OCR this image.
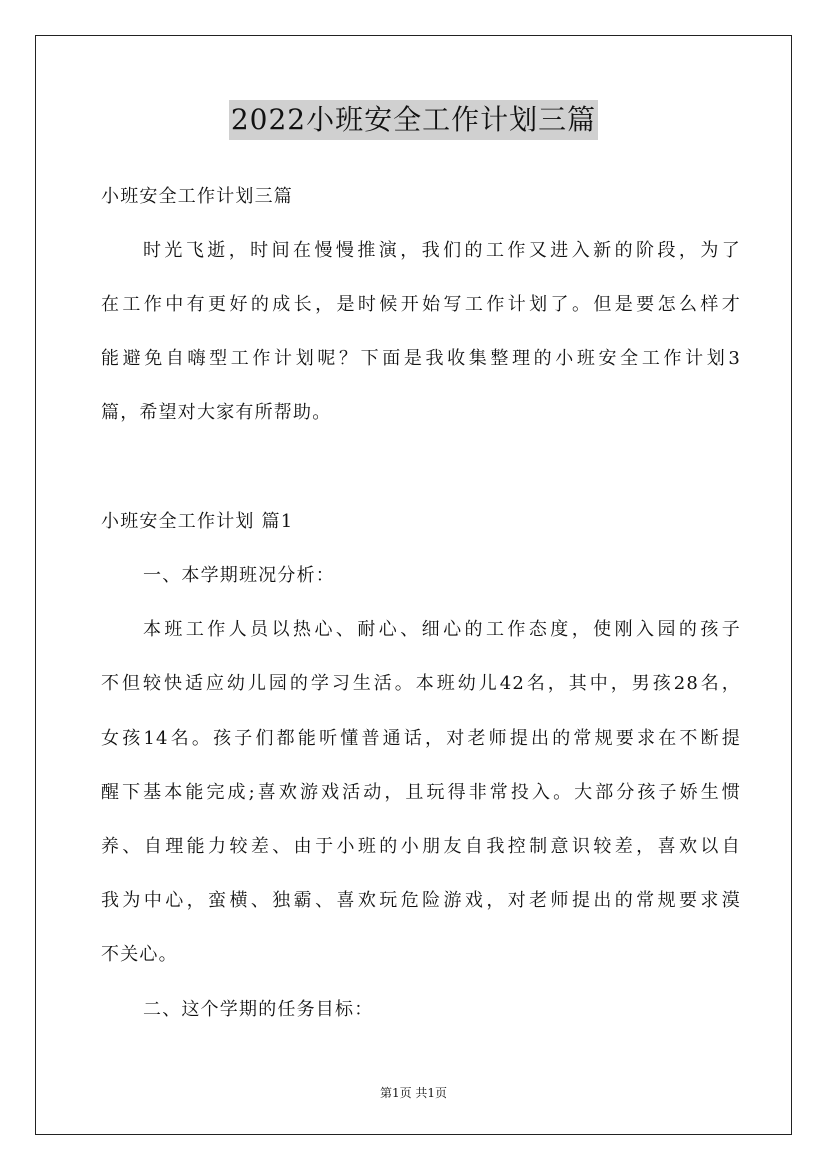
2022小班安全工作计划三篇
小班安全工作计划三篇
时光飞逝，时间在慢慢推演，我们的工作又进入新的阶段，为了
在工作中有更好的成长，是时候开始写工作计划了。但是要怎么样才
能避免自嗨型工作计划呢？下面是我收集整理的小班安全工作计划3
篇，希望对大家有所帮助。
小班安全工作计划 篇1
一、本学期班况分析：
本班工作人员以热心、耐心、细心的工作态度，使刚入园的孩子
不但较快适应幼儿园的学习生活。本班幼儿42名，其中，男孩28名，
女孩14名。孩子们都能听懂普通话，对老师提出的常规要求在不断提
醒下基本能完成;喜欢游戏活动，且玩得非常投入。大部分孩子娇生惯
养、自理能力较差、由于小班的小朋友自我控制意识较差，喜欢以自
我为中心，蛮横、独霸、喜欢玩危险游戏，对老师提出的常规要求漠
不关心。
二、这个学期的任务目标：
第1页 共1页
